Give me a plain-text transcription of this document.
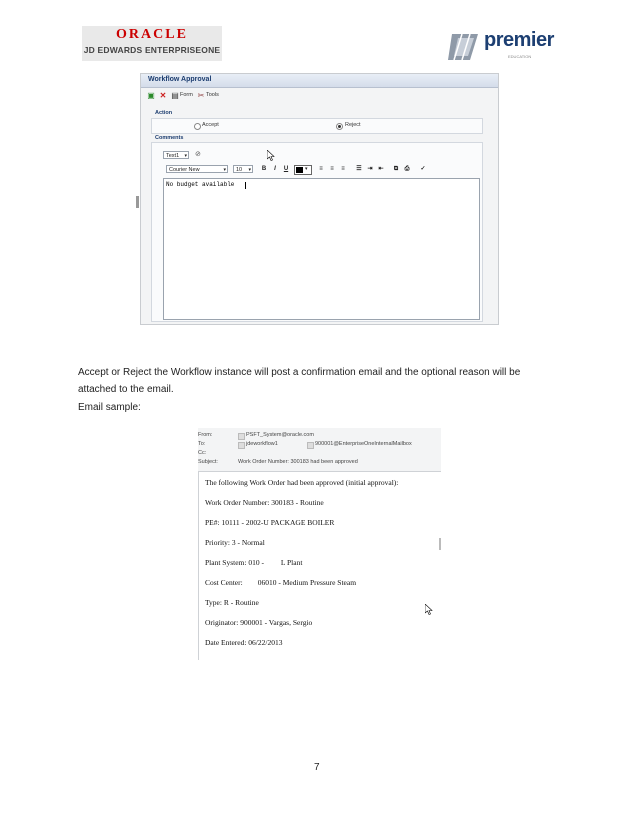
ORACLE
JD EDWARDS ENTERPRISEONE	premier
EDUCATION
Workflow Approval
▣ ✕ ▤ Form ✂ Tools
Action
Accept	Reject
Comments
Text1 ▾ ⊘
Courier New	▾	10 ▾	B	I	U	▾	≡	≡	≡	☰ ⇥ ⇤	⧉	⎙ ✓
No budget available
Accept or Reject the Workflow instance will post a confirmation email and the optional reason will be attached to the email.
Email sample:
From:	PSFT_System@oracle.com
To:	jdeworkflow1	900001@EnterpriseOneInternalMailbox
Cc:
Subject:	Work Order Number: 300183 had been approved
The following Work Order had been approved (initial approval):
Work Order Number: 300183 - Routine
PE#: 10111 - 2002-U PACKAGE BOILER
Priority: 3 - Normal
Plant System: 010 -         L Plant
Cost Center:        06010 - Medium Pressure Steam
Type: R - Routine
Originator: 900001 - Vargas, Sergio
Date Entered: 06/22/2013
7
